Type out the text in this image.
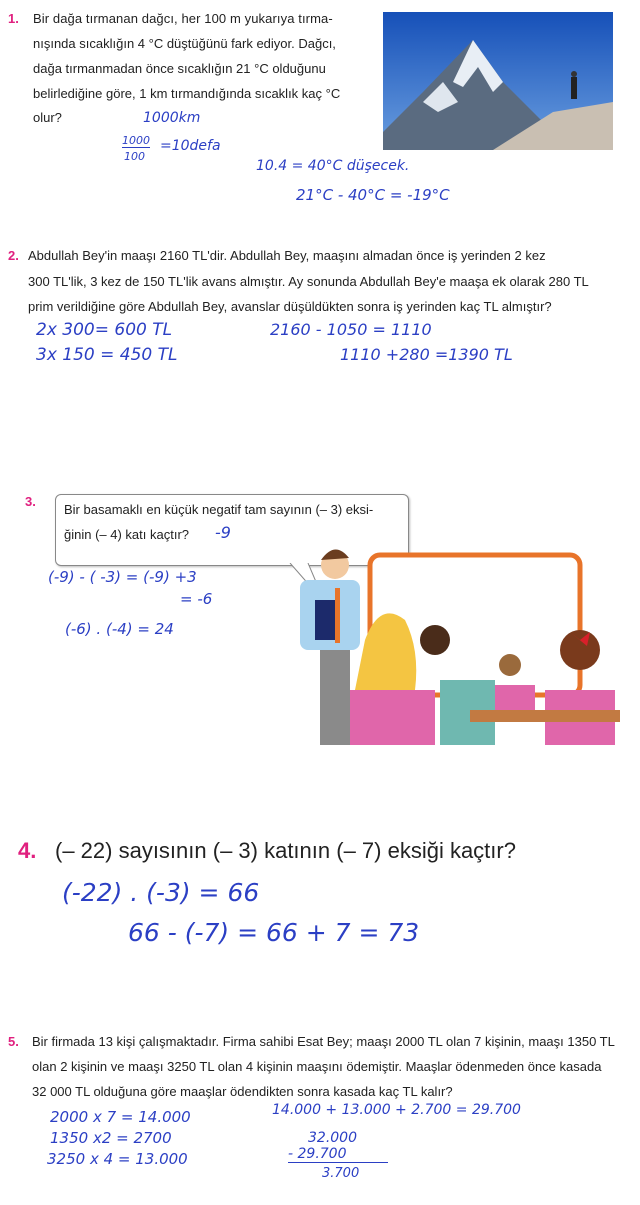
1. Bir dağa tırmanan dağcı, her 100 m yukarıya tırma-
nışında sıcaklığın 4 °C düştüğünü fark ediyor. Dağcı,
dağa tırmanmadan önce sıcaklığın 21 °C olduğunu
belirlediğine göre, 1 km tırmandığında sıcaklık kaç °C
olur?	1000km
1000
100
=10defa
10.4 = 40°C düşecek.
21°C - 40°C = -19°C
2. Abdullah Bey'in maaşı 2160 TL'dir. Abdullah Bey, maaşını almadan önce iş yerinden 2 kez
300 TL'lik, 3 kez de 150 TL'lik avans almıştır. Ay sonunda Abdullah Bey'e maaşa ek olarak 280 TL
prim verildiğine göre Abdullah Bey, avanslar düşüldükten sonra iş yerinden kaç TL almıştır?
2x 300= 600 TL
3x 150 = 450 TL
2160 - 1050 = 1110
1110 +280 =1390 TL
3.
Bir basamaklı en küçük negatif tam sayının (– 3) eksi-
ğinin (– 4) katı kaçtır? -9
(-9) - ( -3) = (-9) +3
= -6
(-6) . (-4) = 24
4. (– 22) sayısının (– 3) katının (– 7) eksiği kaçtır?
(-22) . (-3) = 66
66 - (-7) = 66 + 7 = 73
5. Bir firmada 13 kişi çalışmaktadır. Firma sahibi Esat Bey; maaşı 2000 TL olan 7 kişinin, maaşı 1350 TL
olan 2 kişinin ve maaşı 3250 TL olan 4 kişinin maaşını ödemiştir. Maaşlar ödenmeden önce kasada
32 000 TL olduğuna göre maaşlar ödendikten sonra kasada kaç TL kalır?
2000 x 7 = 14.000
1350 x2 = 2700
3250 x 4 = 13.000
14.000 + 13.000 + 2.700 = 29.700
32.000
- 29.700
3.700
